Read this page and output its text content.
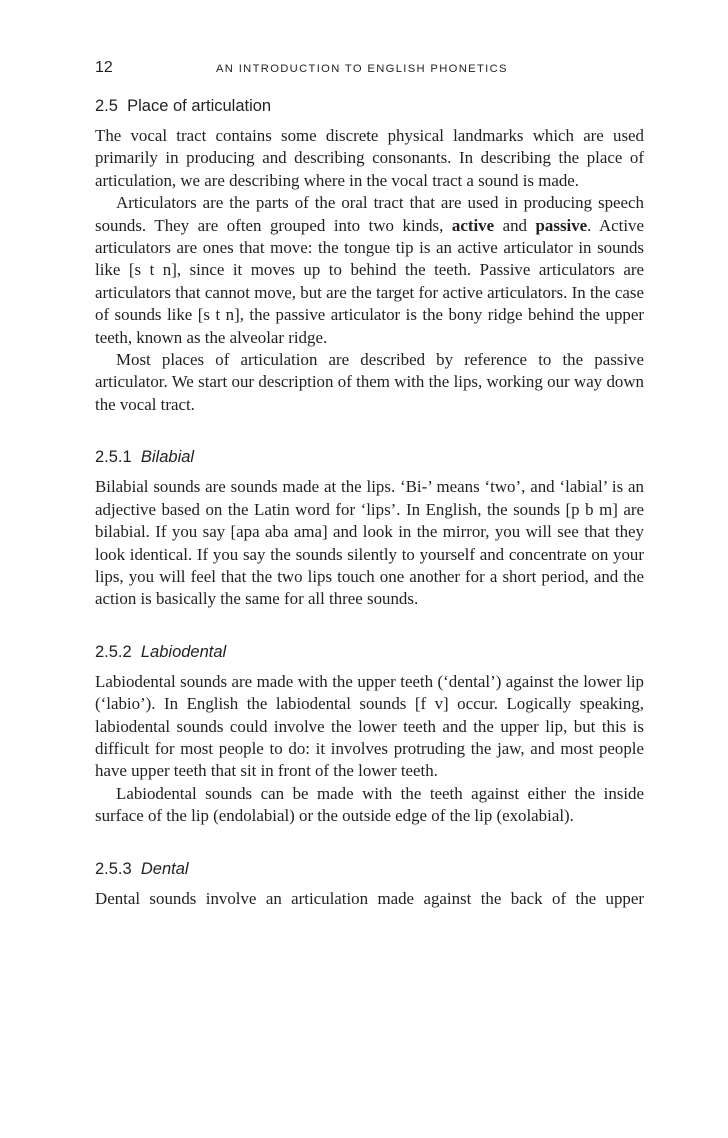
12	AN INTRODUCTION TO ENGLISH PHONETICS
2.5 Place of articulation

The vocal tract contains some discrete physical landmarks which are used primarily in producing and describing consonants. In describing the place of articulation, we are describing where in the vocal tract a sound is made.

Articulators are the parts of the oral tract that are used in producing speech sounds. They are often grouped into two kinds, active and passive. Active articulators are ones that move: the tongue tip is an active articulator in sounds like [s t n], since it moves up to behind the teeth. Passive articulators are articulators that cannot move, but are the target for active articulators. In the case of sounds like [s t n], the passive articulator is the bony ridge behind the upper teeth, known as the alveolar ridge.

Most places of articulation are described by reference to the passive articulator. We start our description of them with the lips, working our way down the vocal tract.

2.5.1 Bilabial

Bilabial sounds are sounds made at the lips. ‘Bi-’ means ‘two’, and ‘labial’ is an adjective based on the Latin word for ‘lips’. In English, the sounds [p b m] are bilabial. If you say [apa aba ama] and look in the mirror, you will see that they look identical. If you say the sounds silently to yourself and concentrate on your lips, you will feel that the two lips touch one another for a short period, and the action is basically the same for all three sounds.

2.5.2 Labiodental

Labiodental sounds are made with the upper teeth (‘dental’) against the lower lip (‘labio’). In English the labiodental sounds [f v] occur. Logically speaking, labiodental sounds could involve the lower teeth and the upper lip, but this is difficult for most people to do: it involves protruding the jaw, and most people have upper teeth that sit in front of the lower teeth.

Labiodental sounds can be made with the teeth against either the inside surface of the lip (endolabial) or the outside edge of the lip (exolabial).

2.5.3 Dental

Dental sounds involve an articulation made against the back of the upper
